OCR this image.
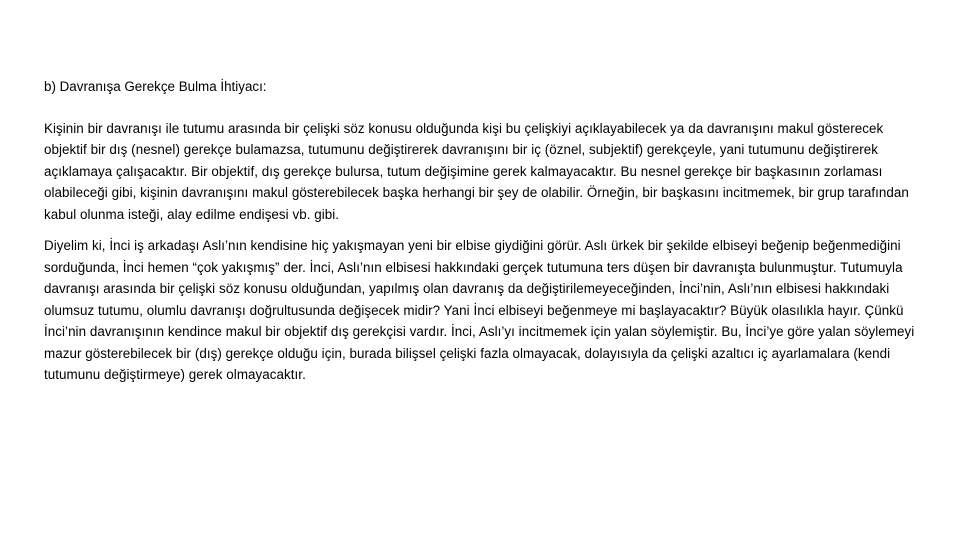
b) Davranışa Gerekçe Bulma İhtiyacı:

Kişinin bir davranışı ile tutumu arasında bir çelişki söz konusu olduğunda kişi bu çelişkiyi açıklayabilecek ya da davranışını makul gösterecek objektif bir dış (nesnel) gerekçe bulamazsa, tutumunu değiştirerek davranışını bir iç (öznel, subjektif) gerekçeyle, yani tutumunu değiştirerek açıklamaya çalışacaktır. Bir objektif, dış gerekçe bulursa, tutum değişimine gerek kalmayacaktır. Bu nesnel gerekçe bir başkasının zorlaması olabileceği gibi, kişinin davranışını makul gösterebilecek başka herhangi bir şey de olabilir. Örneğin, bir başkasını incitmemek, bir grup tarafından kabul olunma isteği, alay edilme endişesi vb. gibi.

Diyelim ki, İnci iş arkadaşı Aslı’nın kendisine hiç yakışmayan yeni bir elbise giydiğini görür. Aslı ürkek bir şekilde elbiseyi beğenip beğenmediğini sorduğunda, İnci hemen “çok yakışmış” der. İnci, Aslı’nın elbisesi hakkındaki gerçek tutumuna ters düşen bir davranışta bulunmuştur. Tutumuyla davranışı arasında bir çelişki söz konusu olduğundan, yapılmış olan davranış da değiştirilemeyeceğinden, İnci’nin, Aslı’nın elbisesi hakkındaki olumsuz tutumu, olumlu davranışı doğrultusunda değişecek midir? Yani İnci elbiseyi beğenmeye mi başlayacaktır? Büyük olasılıkla hayır. Çünkü İnci’nin davranışının kendince makul bir objektif dış gerekçisi vardır. İnci, Aslı’yı incitmemek için yalan söylemiştir. Bu, İnci’ye göre yalan söylemeyi mazur gösterebilecek bir (dış) gerekçe olduğu için, burada bilişsel çelişki fazla olmayacak, dolayısıyla da çelişki azaltıcı iç ayarlamalara (kendi tutumunu değiştirmeye) gerek olmayacaktır.
